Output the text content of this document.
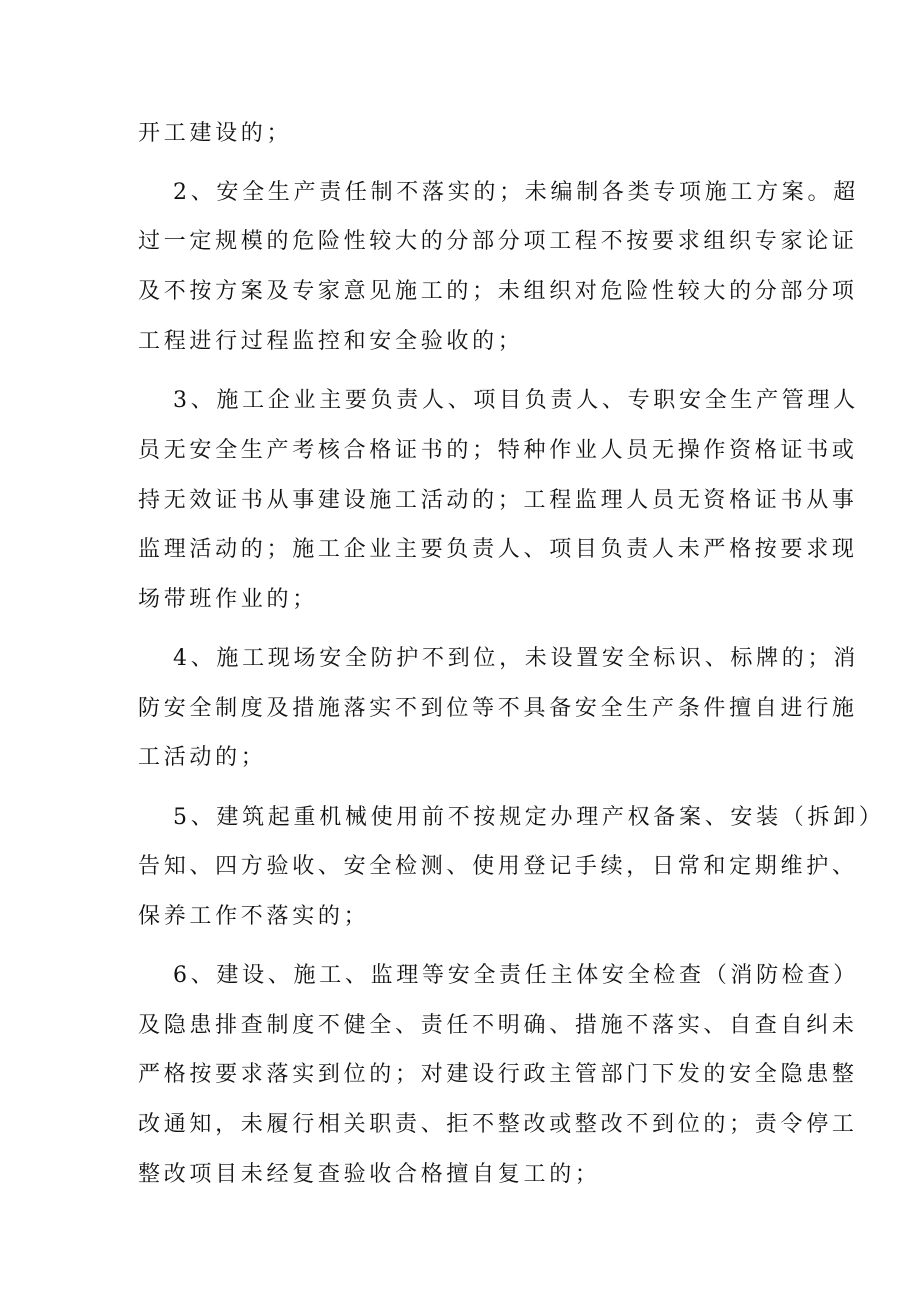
开工建设的；
2、安全生产责任制不落实的；未编制各类专项施工方案。超
过一定规模的危险性较大的分部分项工程不按要求组织专家论证
及不按方案及专家意见施工的；未组织对危险性较大的分部分项
工程进行过程监控和安全验收的；
3、施工企业主要负责人、项目负责人、专职安全生产管理人
员无安全生产考核合格证书的；特种作业人员无操作资格证书或
持无效证书从事建设施工活动的；工程监理人员无资格证书从事
监理活动的；施工企业主要负责人、项目负责人未严格按要求现
场带班作业的；
4、施工现场安全防护不到位，未设置安全标识、标牌的；消
防安全制度及措施落实不到位等不具备安全生产条件擅自进行施
工活动的；
5、建筑起重机械使用前不按规定办理产权备案、安装（拆卸）
告知、四方验收、安全检测、使用登记手续，日常和定期维护、
保养工作不落实的；
6、建设、施工、监理等安全责任主体安全检查（消防检查）
及隐患排查制度不健全、责任不明确、措施不落实、自查自纠未
严格按要求落实到位的；对建设行政主管部门下发的安全隐患整
改通知，未履行相关职责、拒不整改或整改不到位的；责令停工
整改项目未经复查验收合格擅自复工的；
